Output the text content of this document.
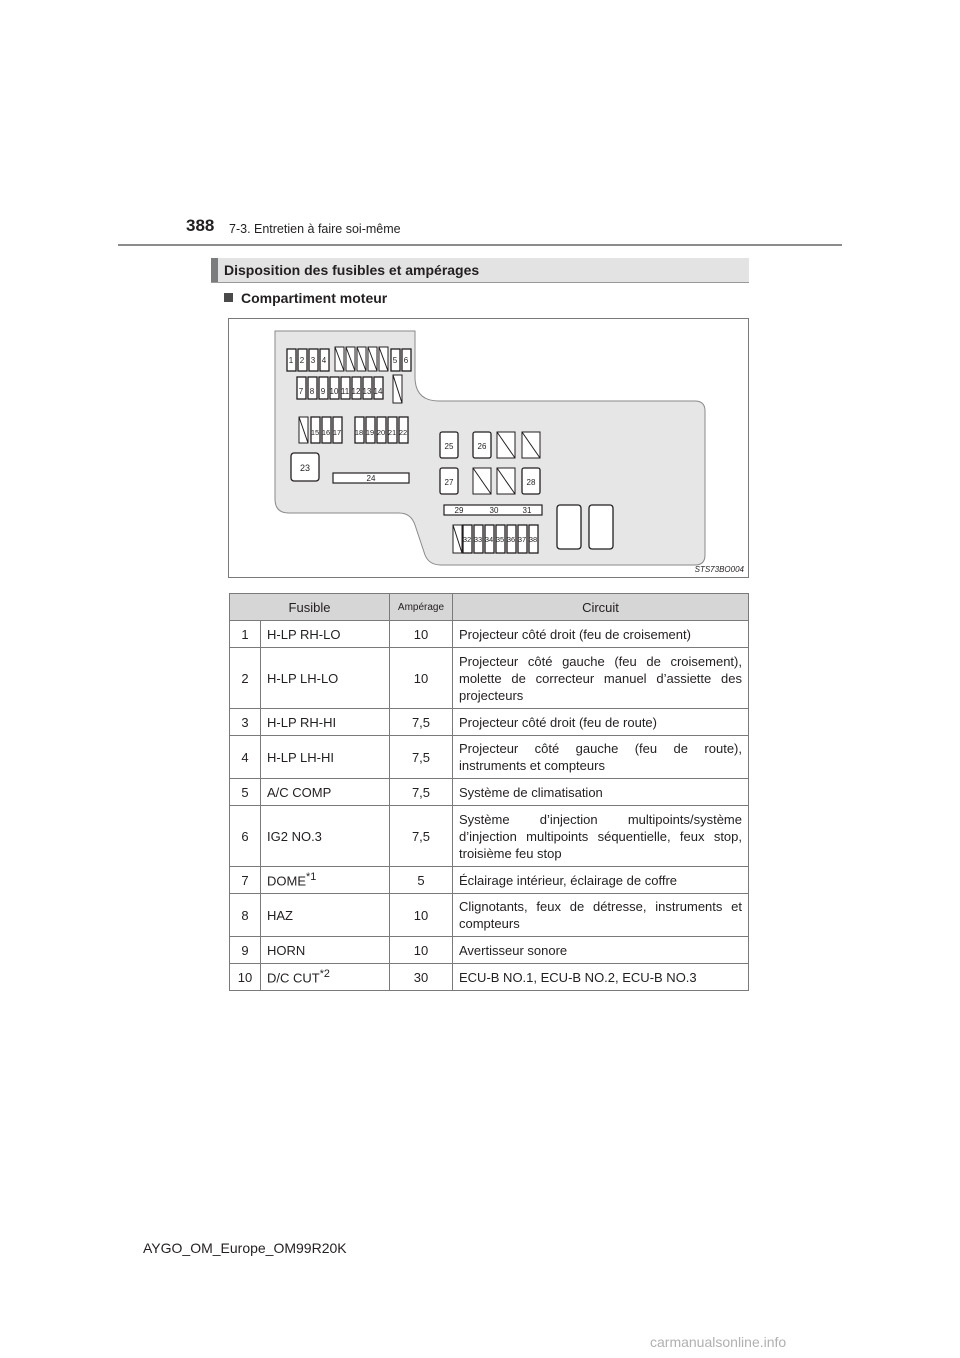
388 7-3. Entretien à faire soi-même
Disposition des fusibles et ampérages
Compartiment moteur
1 2 3 4	5 6
7 8 9 10 11 12 13 14
15 16 17 18 19 20 21 22
23
24
25	26
27	28
29	30	31
32 33 34 35 36 37 38
STS73BO004
Fusible		Ampérage	Circuit
1	H-LP RH-LO	10	Projecteur côté droit (feu de croisement)
2	H-LP LH-LO	10	Projecteur côté gauche (feu de croisement), molette de correcteur manuel d’assiette des projecteurs
3	H-LP RH-HI	7,5	Projecteur côté droit (feu de route)
4	H-LP LH-HI	7,5	Projecteur côté gauche (feu de route), instruments et compteurs
5	A/C COMP	7,5	Système de climatisation
6	IG2 NO.3	7,5	Système d’injection multipoints/système d’injection multipoints séquentielle, feux stop, troisième feu stop
7	DOME$^{*1}$	5	Éclairage intérieur, éclairage de coffre
8	HAZ	10	Clignotants, feux de détresse, instruments et compteurs
9	HORN	10	Avertisseur sonore
10	D/C CUT$^{*2}$	30	ECU-B NO.1, ECU-B NO.2, ECU-B NO.3
AYGO_OM_Europe_OM99R20K
carmanualsonline.info
